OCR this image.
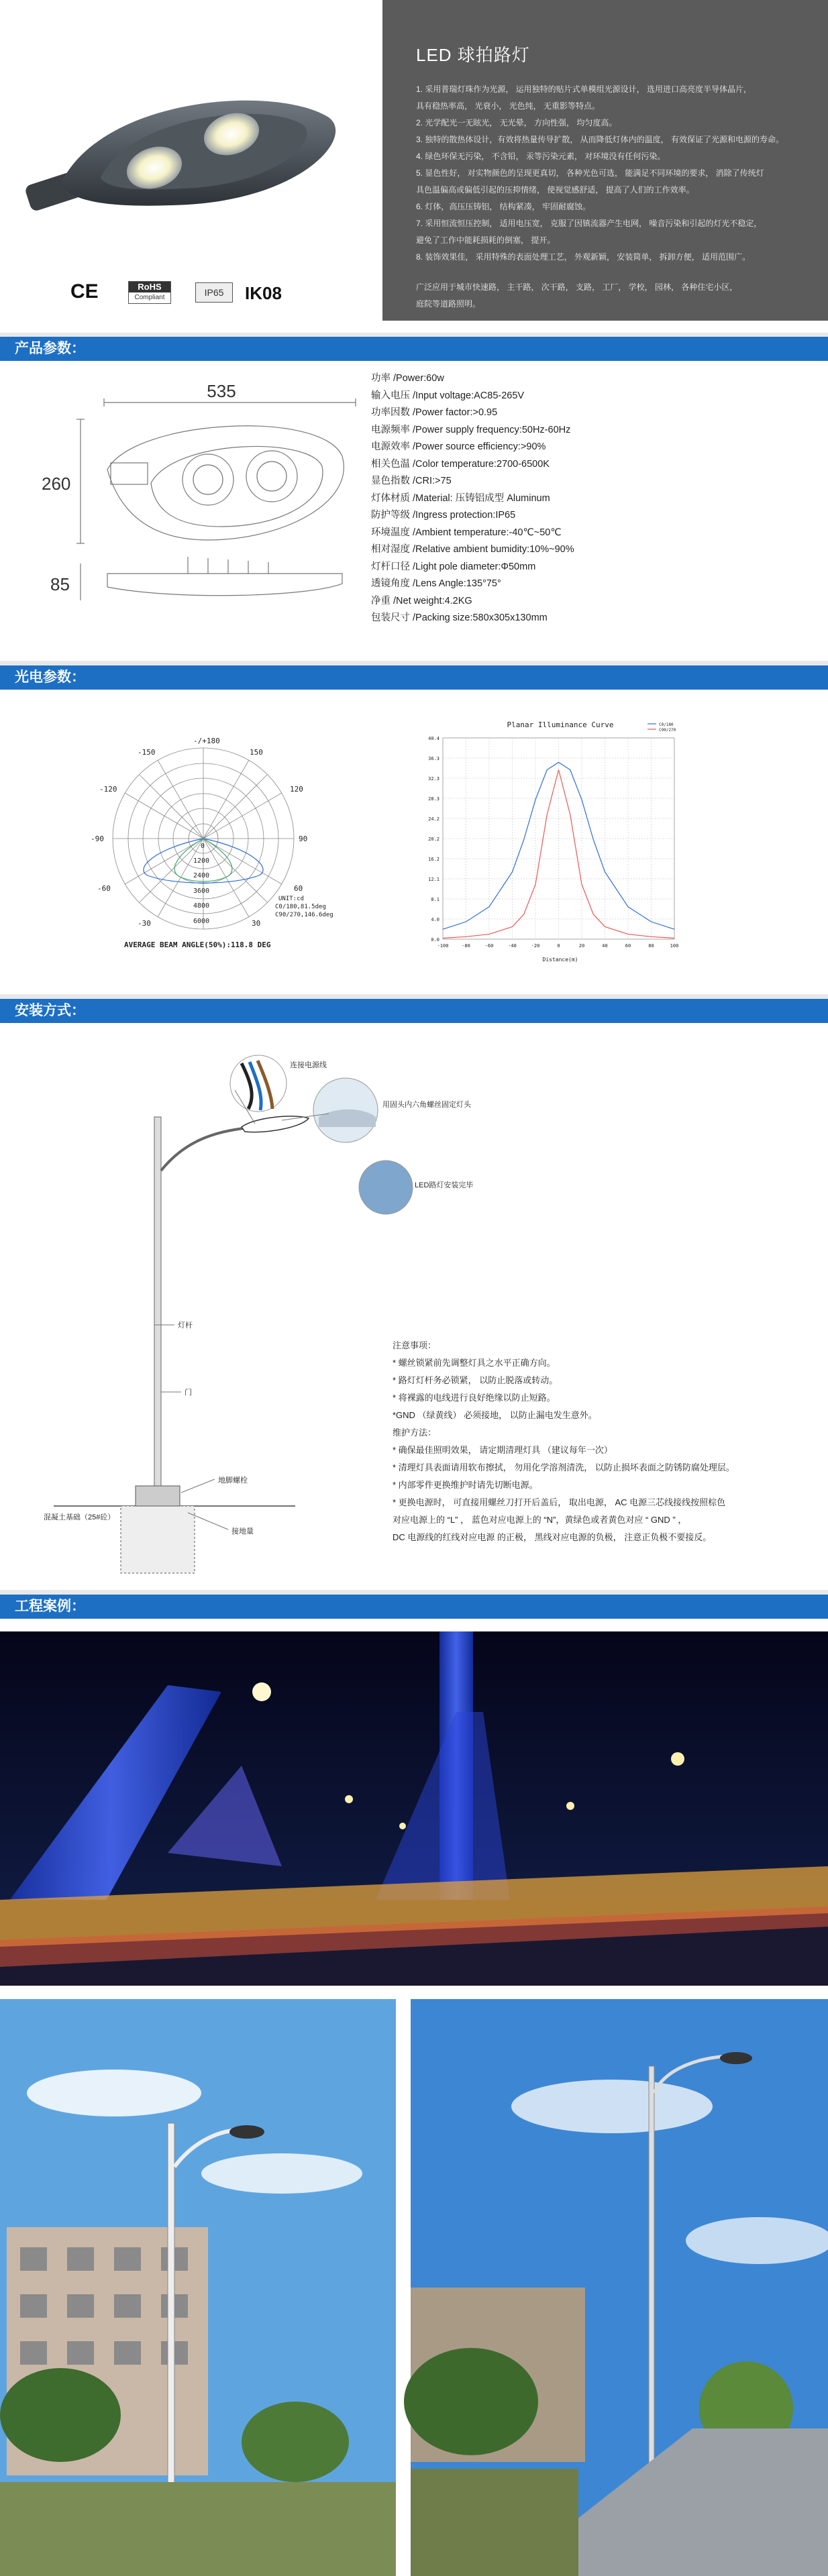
CE	RoHS
Compliant	IP65	IK08
LED 球拍路灯

1. 采用普瑞灯珠作为光源， 运用独特的贴片式单模组光源设计， 选用进口高亮度半导体晶片，

具有稳热率高， 光衰小， 光色纯， 无重影等特点。

2. 光学配光一无眩光， 无光晕， 方向性强， 均匀度高。

3. 独特的散热体设计，有效将热量传导扩散， 从而降低灯体内的温度， 有效保证了光源和电源的寿命。

4. 绿色环保无污染， 不含铅， 汞等污染元素， 对环境没有任何污染。

5. 显色性好， 对实物颜色的呈现更真切， 各种光色可选， 能满足不同环境的要求， 消除了传统灯

具色温偏高或偏低引起的压抑情绪， 使视觉感舒适， 提高了人们的工作效率。

6. 灯体，高压压铸铝， 结构紧凑， 牢固耐腐蚀。

7. 采用恒流恒压控制， 适用电压宽， 克服了因镇流器产生电网， 噪音污染和引起的灯光不稳定，

避免了工作中能耗损耗的倒塞， 提开。

8. 装饰效果佳， 采用特殊的表面处理工艺， 外观新颖， 安装简单， 拆卸方便， 适用范围广。

广泛应用于城市快速路， 主干路， 次干路， 支路， 工厂， 学校， 园林， 各种住宅小区，

庭院等道路照明。

产品参数：
535
260
85
功率 /Power:60w
输入电压 /Input voltage:AC85-265V
功率因数 /Power factor:>0.95
电源频率 /Power supply frequency:50Hz-60Hz
电源效率 /Power source efficiency:>90%
相关色温 /Color temperature:2700-6500K
显色指数 /CRI:>75
灯体材质 /Material: 压铸铝成型 Aluminum
防护等级 /Ingress protection:IP65
环境温度 /Ambient temperature:-40℃~50℃
相对湿度 /Relative ambient bumidity:10%~90%
灯杆口径 /Light pole diameter:Φ50mm
透镜角度 /Lens Angle:135°75°
净重 /Net weight:4.2KG
包装尺寸 /Packing size:580x305x130mm
光电参数：
-/+180
-150	150
-120	120
-90	90
-60	60
-30	30
0
1200
2400
3600
4800
6000
UNIT:cd
C0/180,81.5deg
C90/270,146.6deg
AVERAGE BEAM ANGLE(50%):118.8 DEG
Planar Illuminance Curve	C0/180
C90/270
40.4
36.3
32.3
28.3
24.2
20.2
16.2
12.1
8.1
4.0
0.0
-100	-80	-60	-40	-20	0	20	40	60	80	100
Distance(m)
安装方式：
连接电源线
用固头内六角螺丝固定灯头
LED路灯安装完毕
灯杆
门
地脚螺栓
接地量
混凝土基础（25#砼）
注意事项：
* 螺丝锁紧前先调整灯具之水平正确方向。
* 路灯灯杆务必锁紧， 以防止脱落或转动。
* 将裸露的电线进行良好绝缘以防止短路。
*GND （绿黄线） 必须接地， 以防止漏电发生意外。
维护方法：
* 确保最佳照明效果， 请定期清理灯具 （建议每年一次）
* 清理灯具表面请用软布擦拭， 勿用化学溶剂清洗， 以防止损坏表面之防锈防腐处理层。
* 内部零件更换维护时请先切断电源。
* 更换电源时， 可直接用螺丝刀打开后盖后， 取出电源， AC 电源三芯线接线按照棕色
对应电源上的 “L” ， 蓝色对应电源上的 “N”，黄绿色或者黄色对应 “ GND ” ，
DC 电源线的红线对应电源 的正极， 黑线对应电源的负极， 注意正负极不要接反。
工程案例：
